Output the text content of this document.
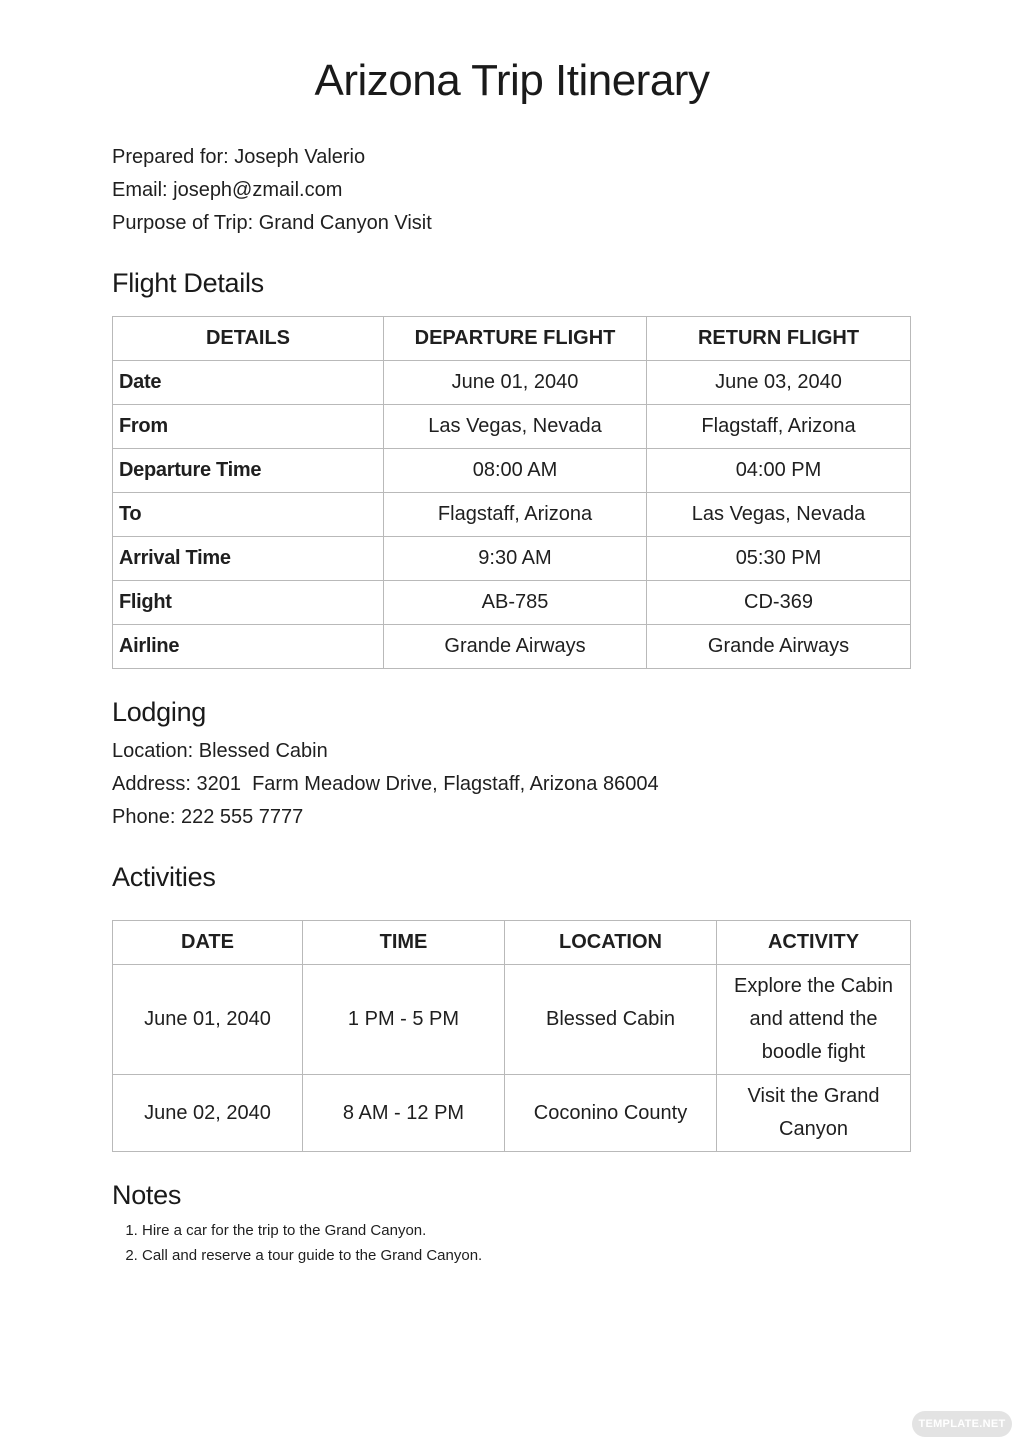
Arizona Trip Itinerary
Prepared for: Joseph Valerio
Email: joseph@zmail.com
Purpose of Trip: Grand Canyon Visit
Flight Details
DETAILS	DEPARTURE FLIGHT	RETURN FLIGHT
Date	June 01, 2040	June 03, 2040
From	Las Vegas, Nevada	Flagstaff, Arizona
Departure Time	08:00 AM	04:00 PM
To	Flagstaff, Arizona	Las Vegas, Nevada
Arrival Time	9:30 AM	05:30 PM
Flight	AB-785	CD-369
Airline	Grande Airways	Grande Airways
Lodging
Location: Blessed Cabin
Address: 3201  Farm Meadow Drive, Flagstaff, Arizona 86004
Phone: 222 555 7777
Activities
DATE	TIME	LOCATION	ACTIVITY
June 01, 2040	1 PM - 5 PM	Blessed Cabin	Explore the Cabin and attend the boodle fight
June 02, 2040	8 AM - 12 PM	Coconino County	Visit the Grand Canyon
Notes
1. Hire a car for the trip to the Grand Canyon.
2. Call and reserve a tour guide to the Grand Canyon.
TEMPLATE.NET
